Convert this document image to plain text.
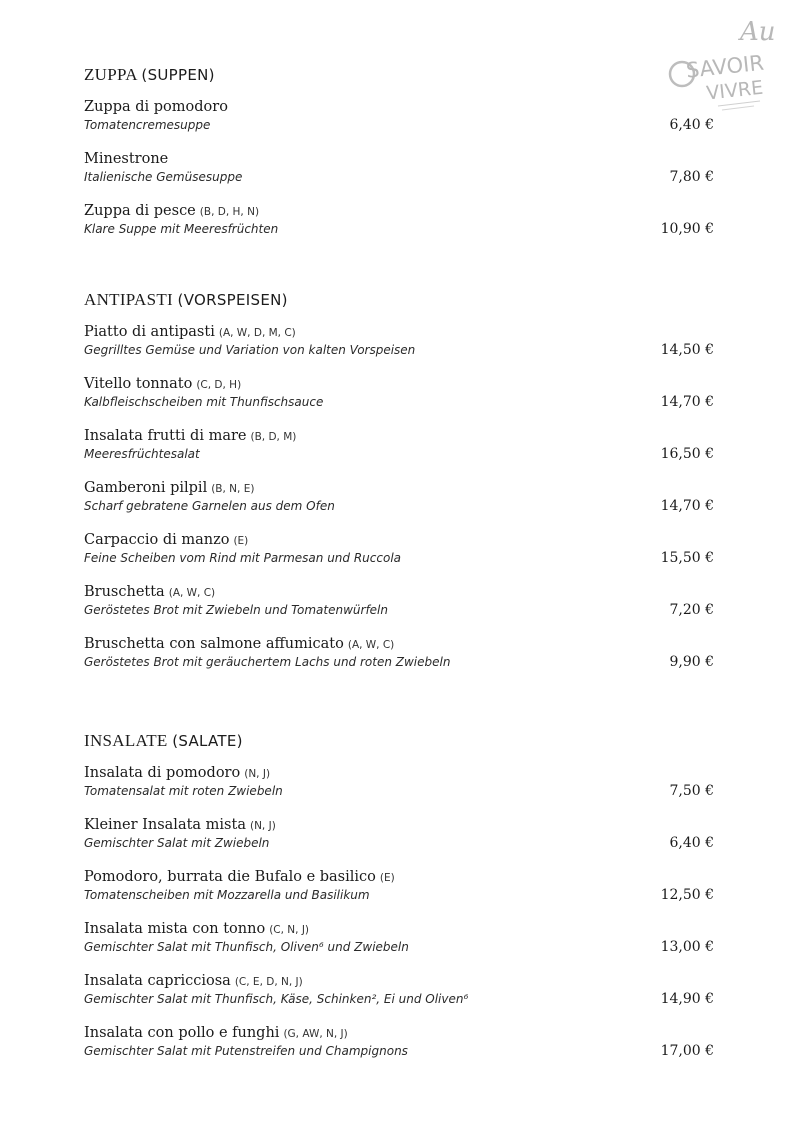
Au
SAVOIR
VIVRE
ZUPPA (SUPPEN)
Zuppa di pomodoro
Tomatencremesuppe	6,40 €
Minestrone
Italienische Gemüsesuppe	7,80 €
Zuppa di pesce (B, D, H, N)
Klare Suppe mit Meeresfrüchten	10,90 €
ANTIPASTI (VORSPEISEN)
Piatto di antipasti (A, W, D, M, C)
Gegrilltes Gemüse und Variation von kalten Vorspeisen	14,50 €
Vitello tonnato (C, D, H)
Kalbfleischscheiben mit Thunfischsauce	14,70 €
Insalata frutti di mare (B, D, M)
Meeresfrüchtesalat	16,50 €
Gamberoni pilpil (B, N, E)
Scharf gebratene Garnelen aus dem Ofen	14,70 €
Carpaccio di manzo (E)
Feine Scheiben vom Rind mit Parmesan und Ruccola	15,50 €
Bruschetta (A, W, C)
Geröstetes Brot mit Zwiebeln und Tomatenwürfeln	7,20 €
Bruschetta con salmone affumicato (A, W, C)
Geröstetes Brot mit geräuchertem Lachs und roten Zwiebeln	9,90 €
INSALATE (SALATE)
Insalata di pomodoro (N, J)
Tomatensalat mit roten Zwiebeln	7,50 €
Kleiner Insalata mista (N, J)
Gemischter Salat mit Zwiebeln	6,40 €
Pomodoro, burrata die Bufalo e basilico (E)
Tomatenscheiben mit Mozzarella und Basilikum	12,50 €
Insalata mista con tonno (C, N, J)
Gemischter Salat mit Thunfisch, Oliven⁶ und Zwiebeln	13,00 €
Insalata capricciosa (C, E, D, N, J)
Gemischter Salat mit Thunfisch, Käse, Schinken², Ei und Oliven⁶	14,90 €
Insalata con pollo e funghi (G, AW, N, J)
Gemischter Salat mit Putenstreifen und Champignons	17,00 €
